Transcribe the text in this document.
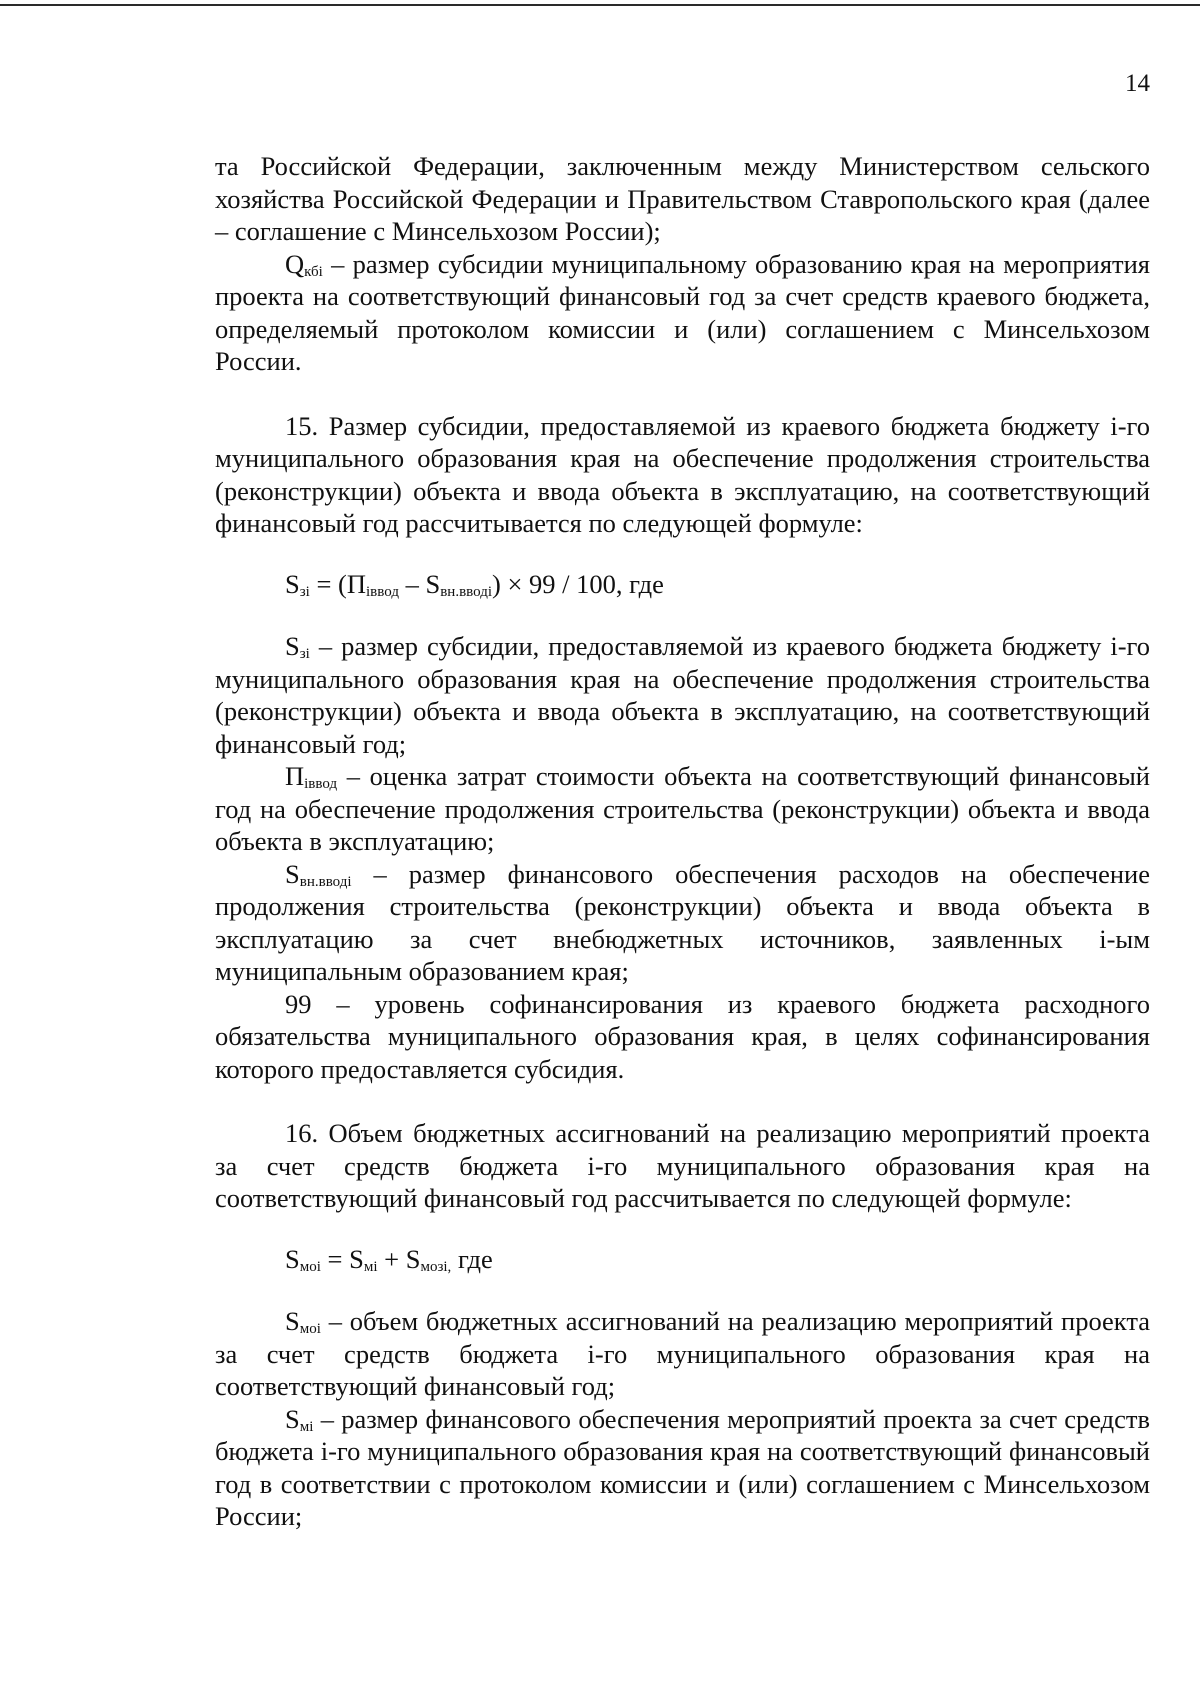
14

та Российской Федерации, заключенным между Министерством сельского хозяйства Российской Федерации и Правительством Ставропольского края (далее – соглашение с Минсельхозом России);

$Q_{кбi}$ – размер субсидии муниципальному образованию края на мероприятия проекта на соответствующий финансовый год за счет средств краевого бюджета, определяемый протоколом комиссии и (или) соглашением с Минсельхозом России.

15. Размер субсидии, предоставляемой из краевого бюджета бюджету i-го муниципального образования края на обеспечение продолжения строительства (реконструкции) объекта и ввода объекта в эксплуатацию, на соответствующий финансовый год рассчитывается по следующей формуле:

$S_{зi} = (П_{iввод} - S_{вн.вводi}) \times 99 / 100$, где

$S_{зi}$ – размер субсидии, предоставляемой из краевого бюджета бюджету i-го муниципального образования края на обеспечение продолжения строительства (реконструкции) объекта и ввода объекта в эксплуатацию, на соответствующий финансовый год;

$П_{iввод}$ – оценка затрат стоимости объекта на соответствующий финансовый год на обеспечение продолжения строительства (реконструкции) объекта и ввода объекта в эксплуатацию;

$S_{вн.вводi}$ – размер финансового обеспечения расходов на обеспечение продолжения строительства (реконструкции) объекта и ввода объекта в эксплуатацию за счет внебюджетных источников, заявленных i-ым муниципальным образованием края;

99 – уровень софинансирования из краевого бюджета расходного обязательства муниципального образования края, в целях софинансирования которого предоставляется субсидия.

16. Объем бюджетных ассигнований на реализацию мероприятий проекта за счет средств бюджета i-го муниципального образования края на соответствующий финансовый год рассчитывается по следующей формуле:

$S_{моi} = S_{мi} + S_{мозi,}$ где

$S_{моi}$ – объем бюджетных ассигнований на реализацию мероприятий проекта за счет средств бюджета i-го муниципального образования края на соответствующий финансовый год;

$S_{мi}$ – размер финансового обеспечения мероприятий проекта за счет средств бюджета i-го муниципального образования края на соответствующий финансовый год в соответствии с протоколом комиссии и (или) соглашением с Минсельхозом России;
